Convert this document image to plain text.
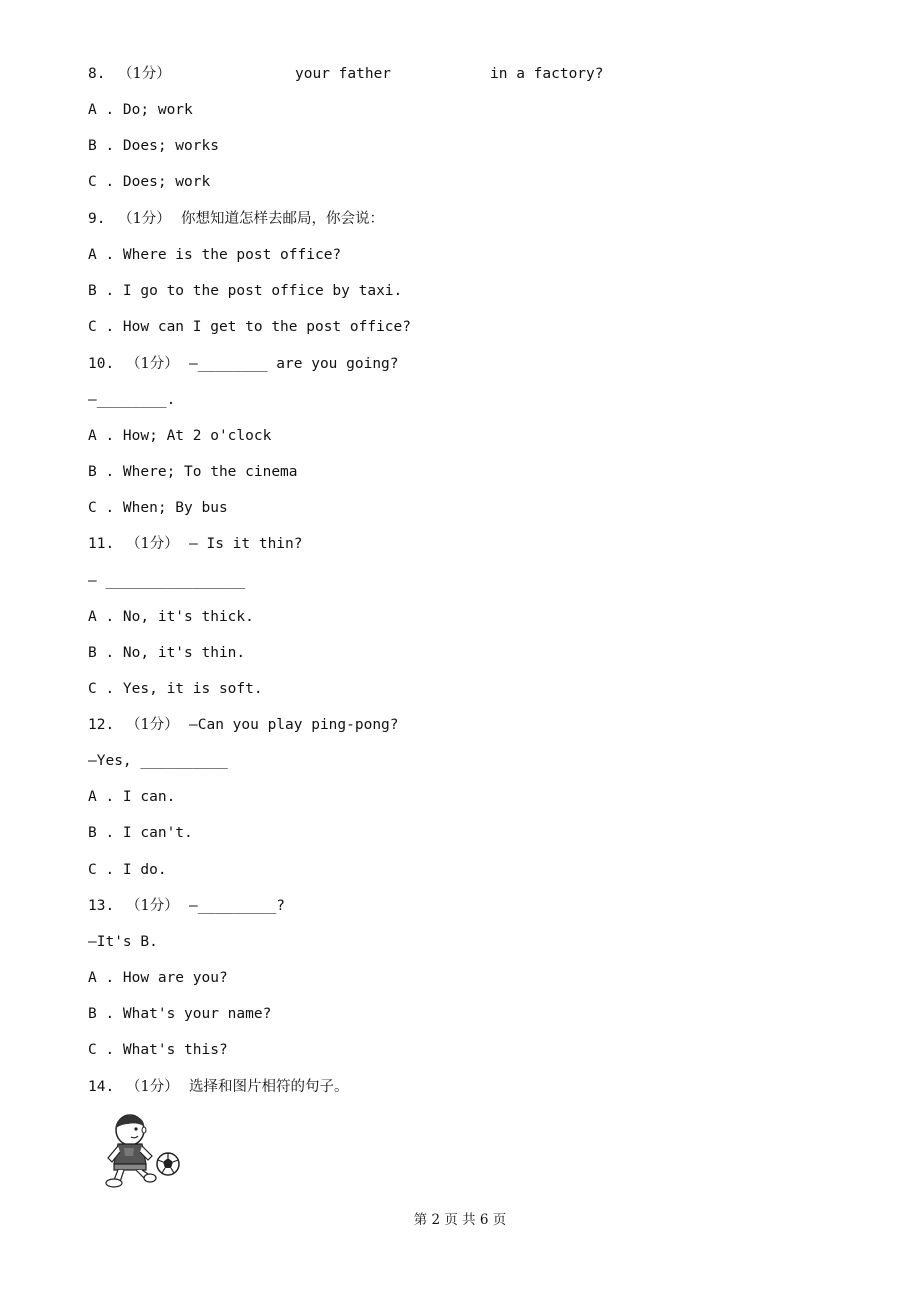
8. （1分）	your father	in a factory?
A . Do; work
B . Does; works
C . Does; work
9. （1分） 你想知道怎样去邮局，你会说：
A . Where is the post office?
B . I go to the post office by taxi.
C . How can I get to the post office?
10. （1分） —________ are you going?
—________.
A . How; At 2 o'clock
B . Where; To the cinema
C . When; By bus
11. （1分） — Is it thin?
— ________________
A . No, it's thick.
B . No, it's thin.
C . Yes, it is soft.
12. （1分） —Can you play ping-pong?
—Yes, __________
A . I can.
B . I can't.
C . I do.
13. （1分） —_________?
—It's B.
A . How are you?
B . What's your name?
C . What's this?
14. （1分） 选择和图片相符的句子。
第 2 页 共 6 页
